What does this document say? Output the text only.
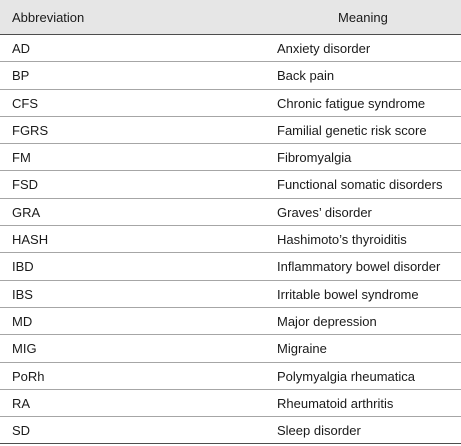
Abbreviation	Meaning
AD	Anxiety disorder
BP	Back pain
CFS	Chronic fatigue syndrome
FGRS	Familial genetic risk score
FM	Fibromyalgia
FSD	Functional somatic disorders
GRA	Graves’ disorder
HASH	Hashimoto’s thyroiditis
IBD	Inflammatory bowel disorder
IBS	Irritable bowel syndrome
MD	Major depression
MIG	Migraine
PoRh	Polymyalgia rheumatica
RA	Rheumatoid arthritis
SD	Sleep disorder
